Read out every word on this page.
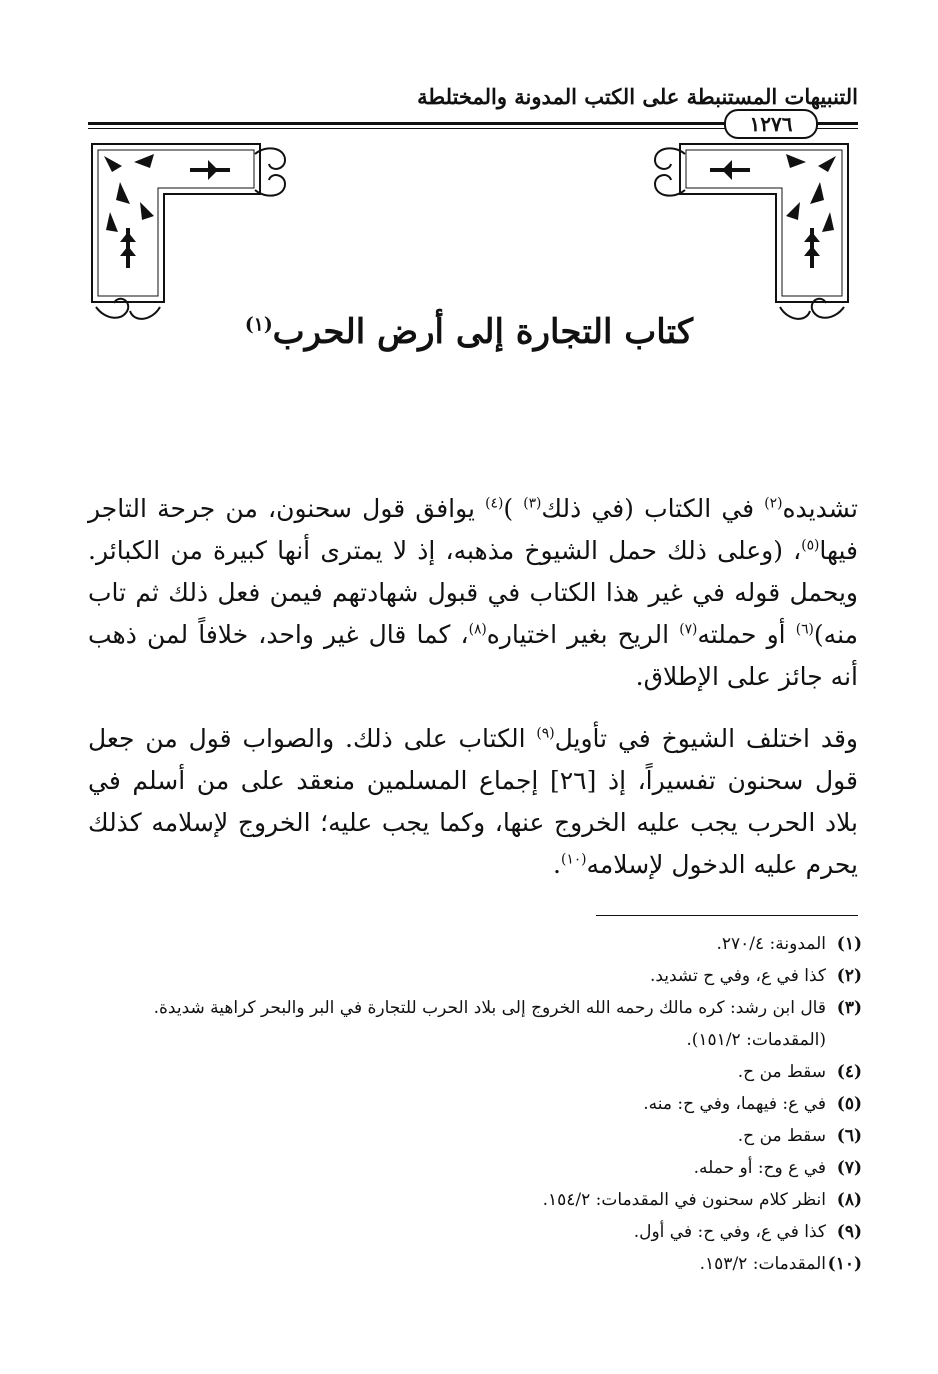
التنبيهات المستنبطة على الكتب المدونة والمختلطة
١٢٧٦
كتاب التجارة إلى أرض الحرب$^{(١)}$

تشديده$^{(٢)}$ في الكتاب (في ذلك$^{(٣)}$ )$^{(٤)}$ يوافق قول سحنون، من جرحة التاجر فيها$^{(٥)}$، (وعلى ذلك حمل الشيوخ مذهبه، إذ لا يمترى أنها كبيرة من الكبائر. ويحمل قوله في غير هذا الكتاب في قبول شهادتهم فيمن فعل ذلك ثم تاب منه)$^{(٦)}$ أو حملته$^{(٧)}$ الريح بغير اختياره$^{(٨)}$، كما قال غير واحد، خلافاً لمن ذهب أنه جائز على الإطلاق.

وقد اختلف الشيوخ في تأويل$^{(٩)}$ الكتاب على ذلك. والصواب قول من جعل قول سحنون تفسيراً، إذ [٢٦] إجماع المسلمين منعقد على من أسلم في بلاد الحرب يجب عليه الخروج عنها، وكما يجب عليه؛ الخروج لإسلامه كذلك يحرم عليه الدخول لإسلامه$^{(١٠)}$.

(١)
المدونة: ٢٧٠/٤.
(٢)
كذا في ع، وفي ح تشديد.
(٣)
قال ابن رشد: كره مالك رحمه الله الخروج إلى بلاد الحرب للتجارة في البر والبحر كراهية شديدة. (المقدمات: ١٥١/٢).
(٤)
سقط من ح.
(٥)
في ع: فيهما، وفي ح: منه.
(٦)
سقط من ح.
(٧)
في ع وح: أو حمله.
(٨)
انظر كلام سحنون في المقدمات: ١٥٤/٢.
(٩)
كذا في ع، وفي ح: في أول.
(١٠)
المقدمات: ١٥٣/٢.
